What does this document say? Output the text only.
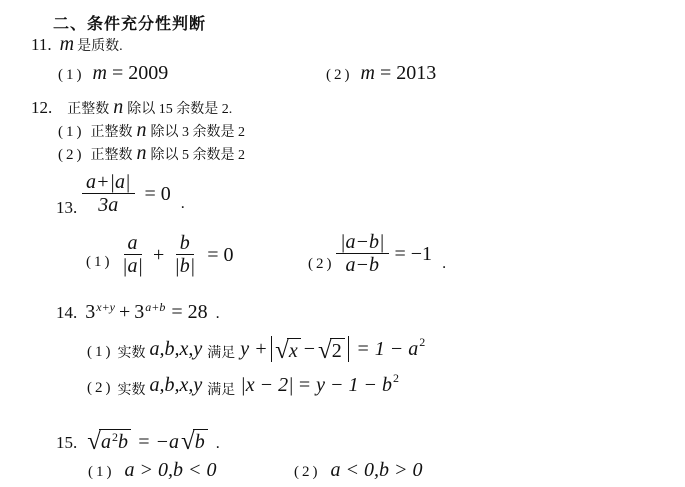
二、条件充分性判断
11. m 是质数.
(1) m = 2009	(2) m = 2013
12. 正整数 n 除以 15 余数是 2.
(1) 正整数 n 除以 3 余数是 2
(2) 正整数 n 除以 5 余数是 2
13. $\frac{a+|a|}{3a} = 0$ .
$(1) \frac{a}{|a|} + \frac{b}{|b|} = 0$	$(2) \frac{|a-b|}{a-b} = -1$ .
14. 3 x+y + 3 a+b = 28 .
(1) 实数 a,b,x,y 满足 y + √ x − √ 2 = 1 − a 2
(2) 实数 a,b,x,y 满足 |x − 2| = y − 1 − b 2
15. √ $a^2b = -a$ √ b .
(1) a > 0,b < 0	(2) a < 0,b > 0
